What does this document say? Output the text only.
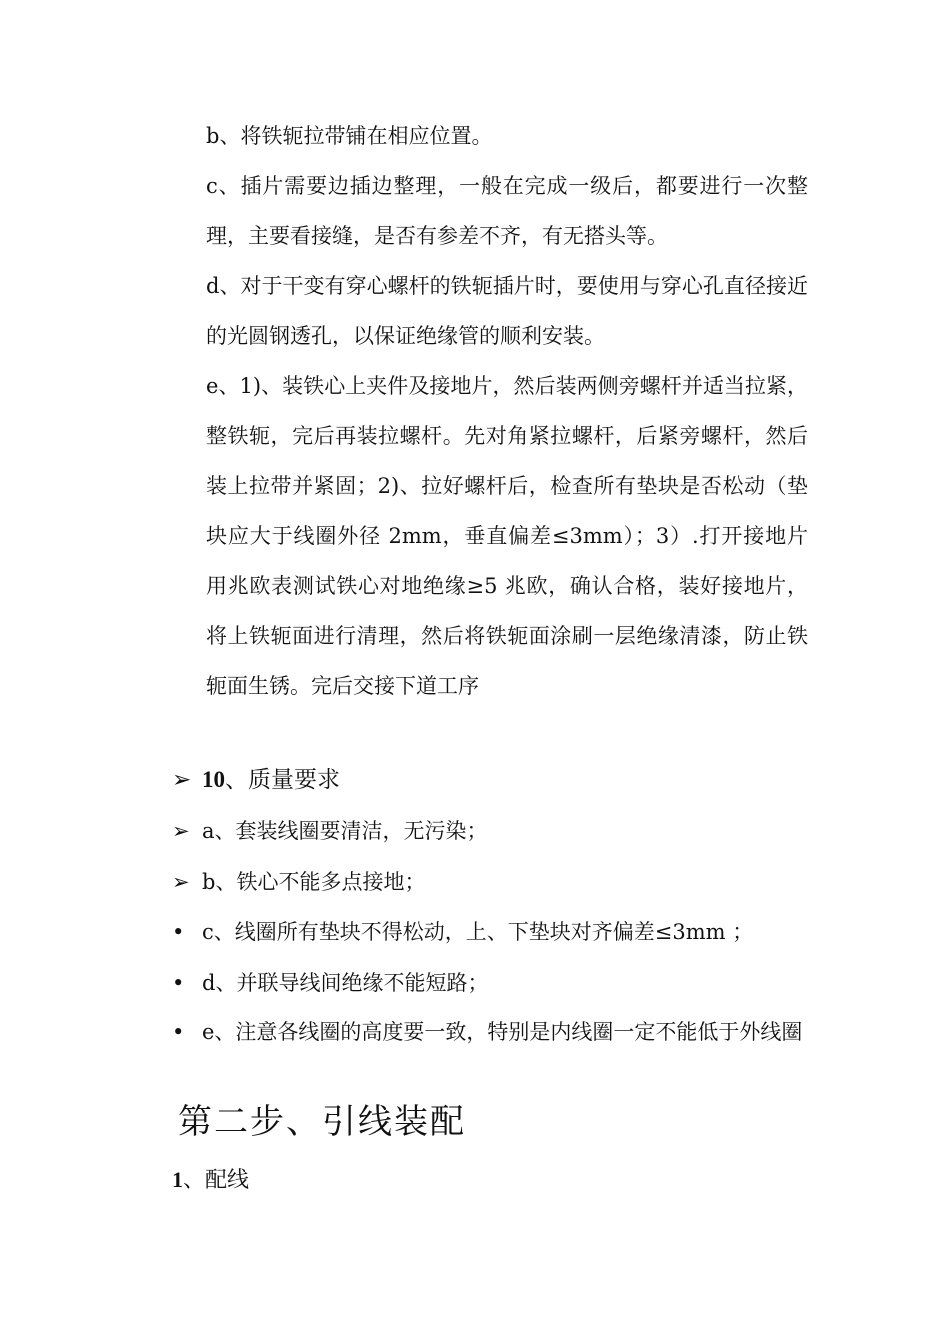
b、将铁轭拉带铺在相应位置。

c、插片需要边插边整理，一般在完成一级后，都要进行一次整理，主要看接缝，是否有参差不齐，有无搭头等。

d、对于干变有穿心螺杆的铁轭插片时，要使用与穿心孔直径接近的光圆钢透孔，以保证绝缘管的顺利安装。

e、1)、装铁心上夹件及接地片，然后装两侧旁螺杆并适当拉紧，整铁轭，完后再装拉螺杆。先对角紧拉螺杆，后紧旁螺杆，然后装上拉带并紧固；2)、拉好螺杆后，检查所有垫块是否松动（垫块应大于线圈外径 2mm，垂直偏差≤3mm）；3）.打开接地片用兆欧表测试铁心对地绝缘≥5 兆欧，确认合格，装好接地片，将上铁轭面进行清理，然后将铁轭面涂刷一层绝缘清漆，防止铁轭面生锈。完后交接下道工序

➢ 10、质量要求
➢ a、套装线圈要清洁，无污染；
➢ b、铁心不能多点接地；
• c、线圈所有垫块不得松动，上、下垫块对齐偏差≤3mm ；
• d、并联导线间绝缘不能短路；
• e、注意各线圈的高度要一致，特别是内线圈一定不能低于外线圈
第二步、引线装配
1、配线
